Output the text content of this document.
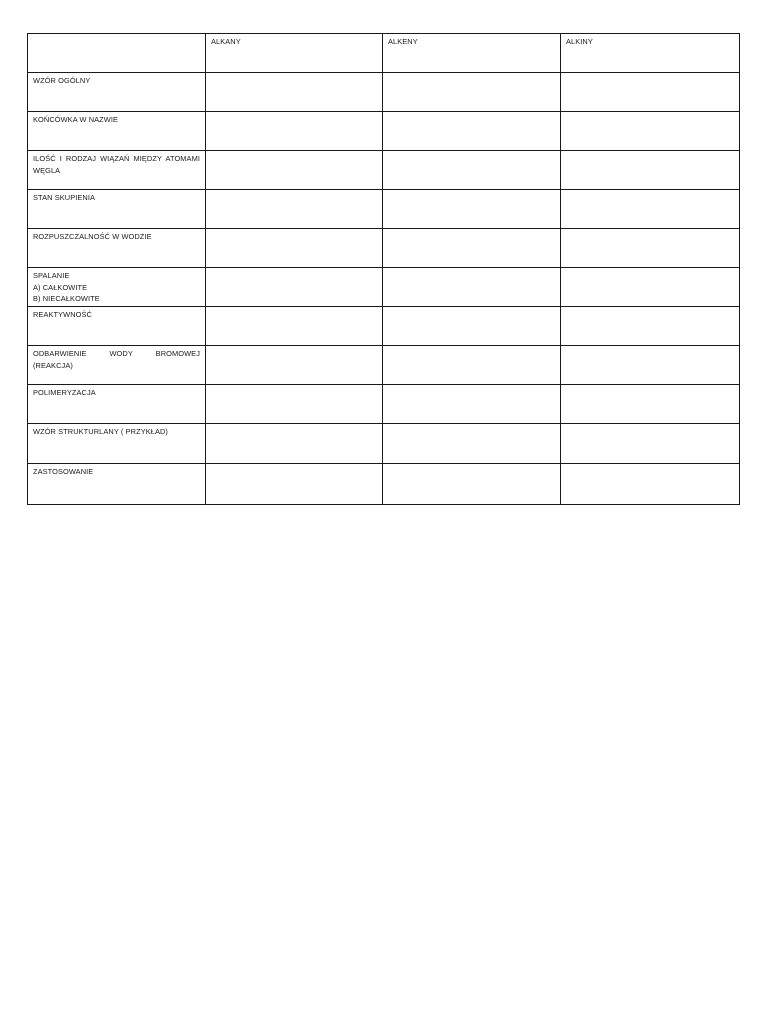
	ALKANY	ALKENY	ALKINY

WZÓR OGÓLNY			

KOŃCÓWKA W NAZWIE			

ILOŚĆ I RODZAJ WIĄZAŃ MIĘDZY ATOMAMI WĘGLA			

STAN SKUPIENIA			

ROZPUSZCZALNOŚĆ W WODZIE			

SPALANIE
A) CAŁKOWITE
B) NIECAŁKOWITE			

REAKTYWNOŚĆ			

ODBARWIENIE WODY BROMOWEJ (REAKCJA)			

POLIMERYZACJA			

WZÓR STRUKTURLANY ( PRZYKŁAD)			

ZASTOSOWANIE			
